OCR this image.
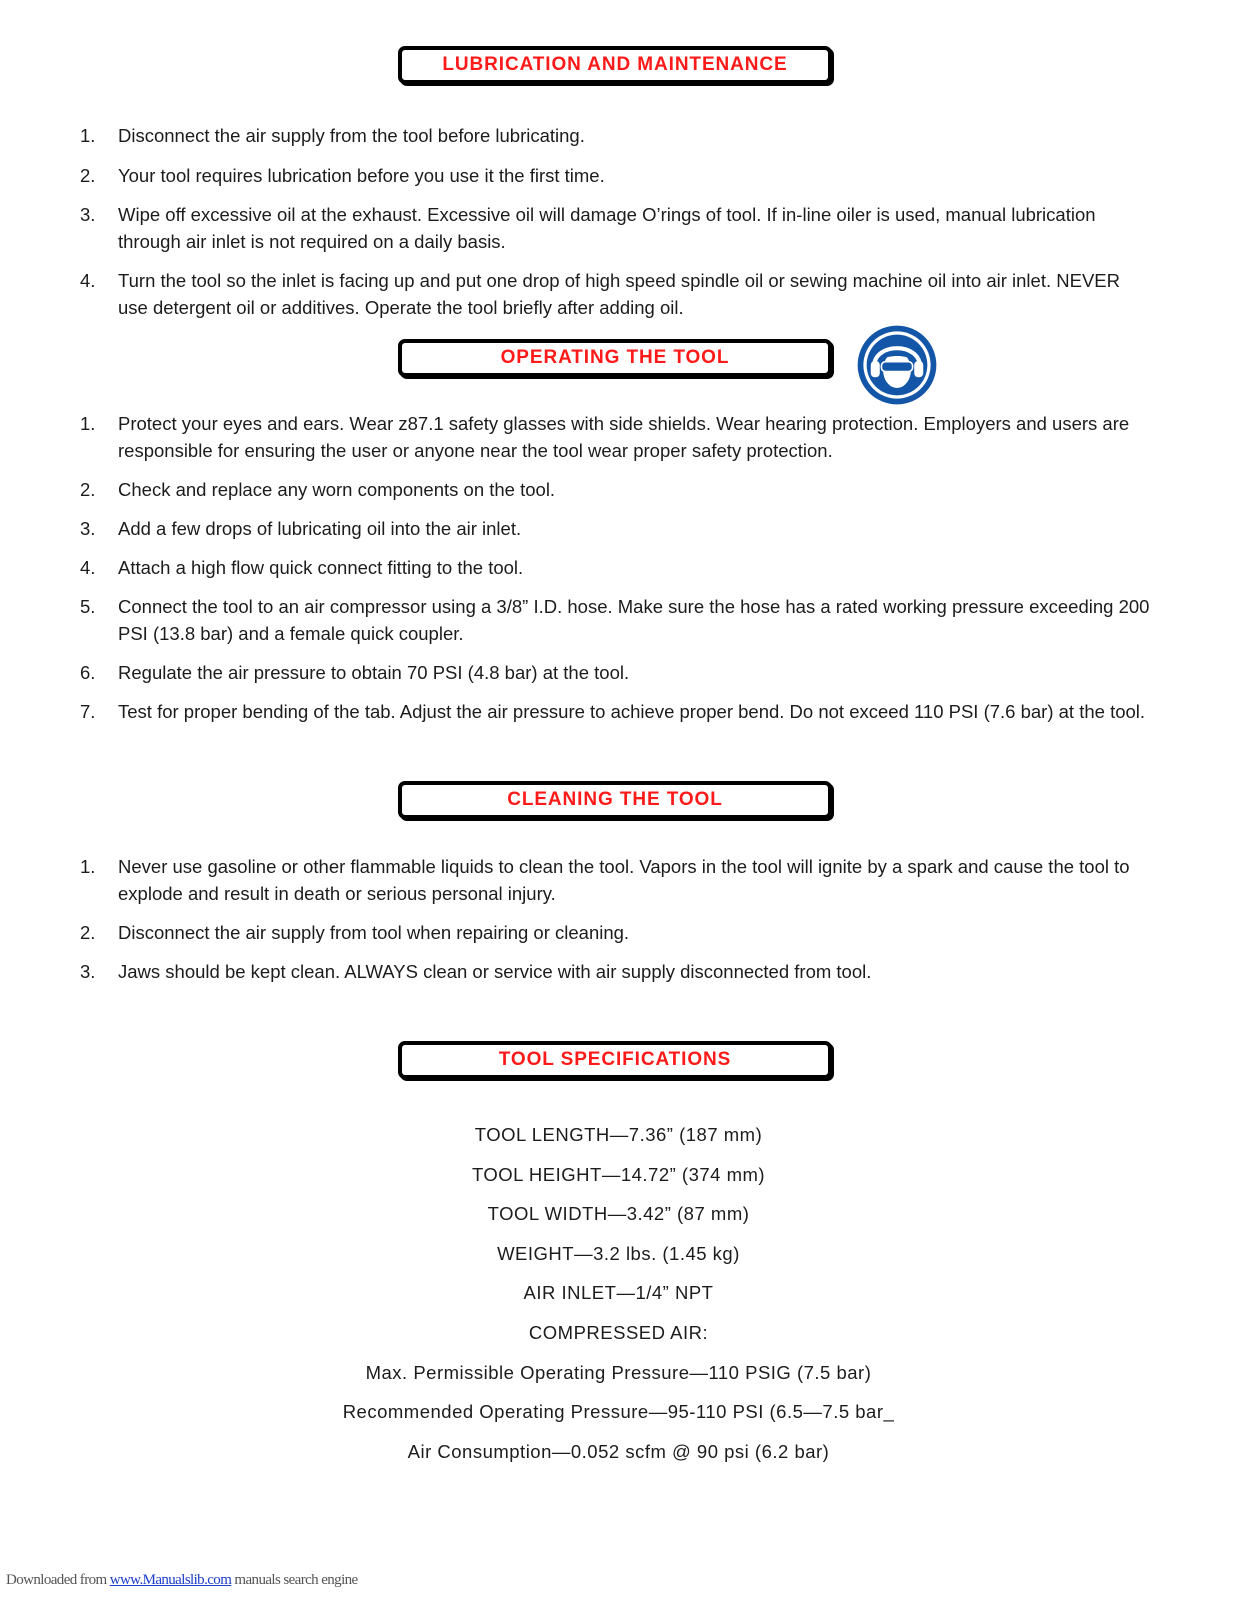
LUBRICATION AND MAINTENANCE
1. Disconnect the air supply from the tool before lubricating.
2. Your tool requires lubrication before you use it the first time.
3. Wipe off excessive oil at the exhaust. Excessive oil will damage O’rings of tool. If in-line oiler is used, manual lubrication through air inlet is not required on a daily basis.
4. Turn the tool so the inlet is facing up and put one drop of high speed spindle oil or sewing machine oil into air inlet. NEVER use detergent oil or additives. Operate the tool briefly after adding oil.
OPERATING THE TOOL
1. Protect your eyes and ears. Wear z87.1 safety glasses with side shields. Wear hearing protection. Employers and users are responsible for ensuring the user or anyone near the tool wear proper safety protection.
2. Check and replace any worn components on the tool.
3. Add a few drops of lubricating oil into the air inlet.
4. Attach a high flow quick connect fitting to the tool.
5. Connect the tool to an air compressor using a 3/8” I.D. hose. Make sure the hose has a rated working pressure exceeding 200 PSI (13.8 bar) and a female quick coupler.
6. Regulate the air pressure to obtain 70 PSI (4.8 bar) at the tool.
7. Test for proper bending of the tab. Adjust the air pressure to achieve proper bend. Do not exceed 110 PSI (7.6 bar) at the tool.
CLEANING THE TOOL
1. Never use gasoline or other flammable liquids to clean the tool. Vapors in the tool will ignite by a spark and cause the tool to explode and result in death or serious personal injury.
2. Disconnect the air supply from tool when repairing or cleaning.
3. Jaws should be kept clean. ALWAYS clean or service with air supply disconnected from tool.
TOOL SPECIFICATIONS
TOOL LENGTH—7.36” (187 mm)
TOOL HEIGHT—14.72” (374 mm)
TOOL WIDTH—3.42” (87 mm)
WEIGHT—3.2 lbs. (1.45 kg)
AIR INLET—1/4” NPT
COMPRESSED AIR:
Max. Permissible Operating Pressure—110 PSIG (7.5 bar)
Recommended Operating Pressure—95-110 PSI (6.5—7.5 bar_
Air Consumption—0.052 scfm @ 90 psi (6.2 bar)
Downloaded from www.Manualslib.com manuals search engine
